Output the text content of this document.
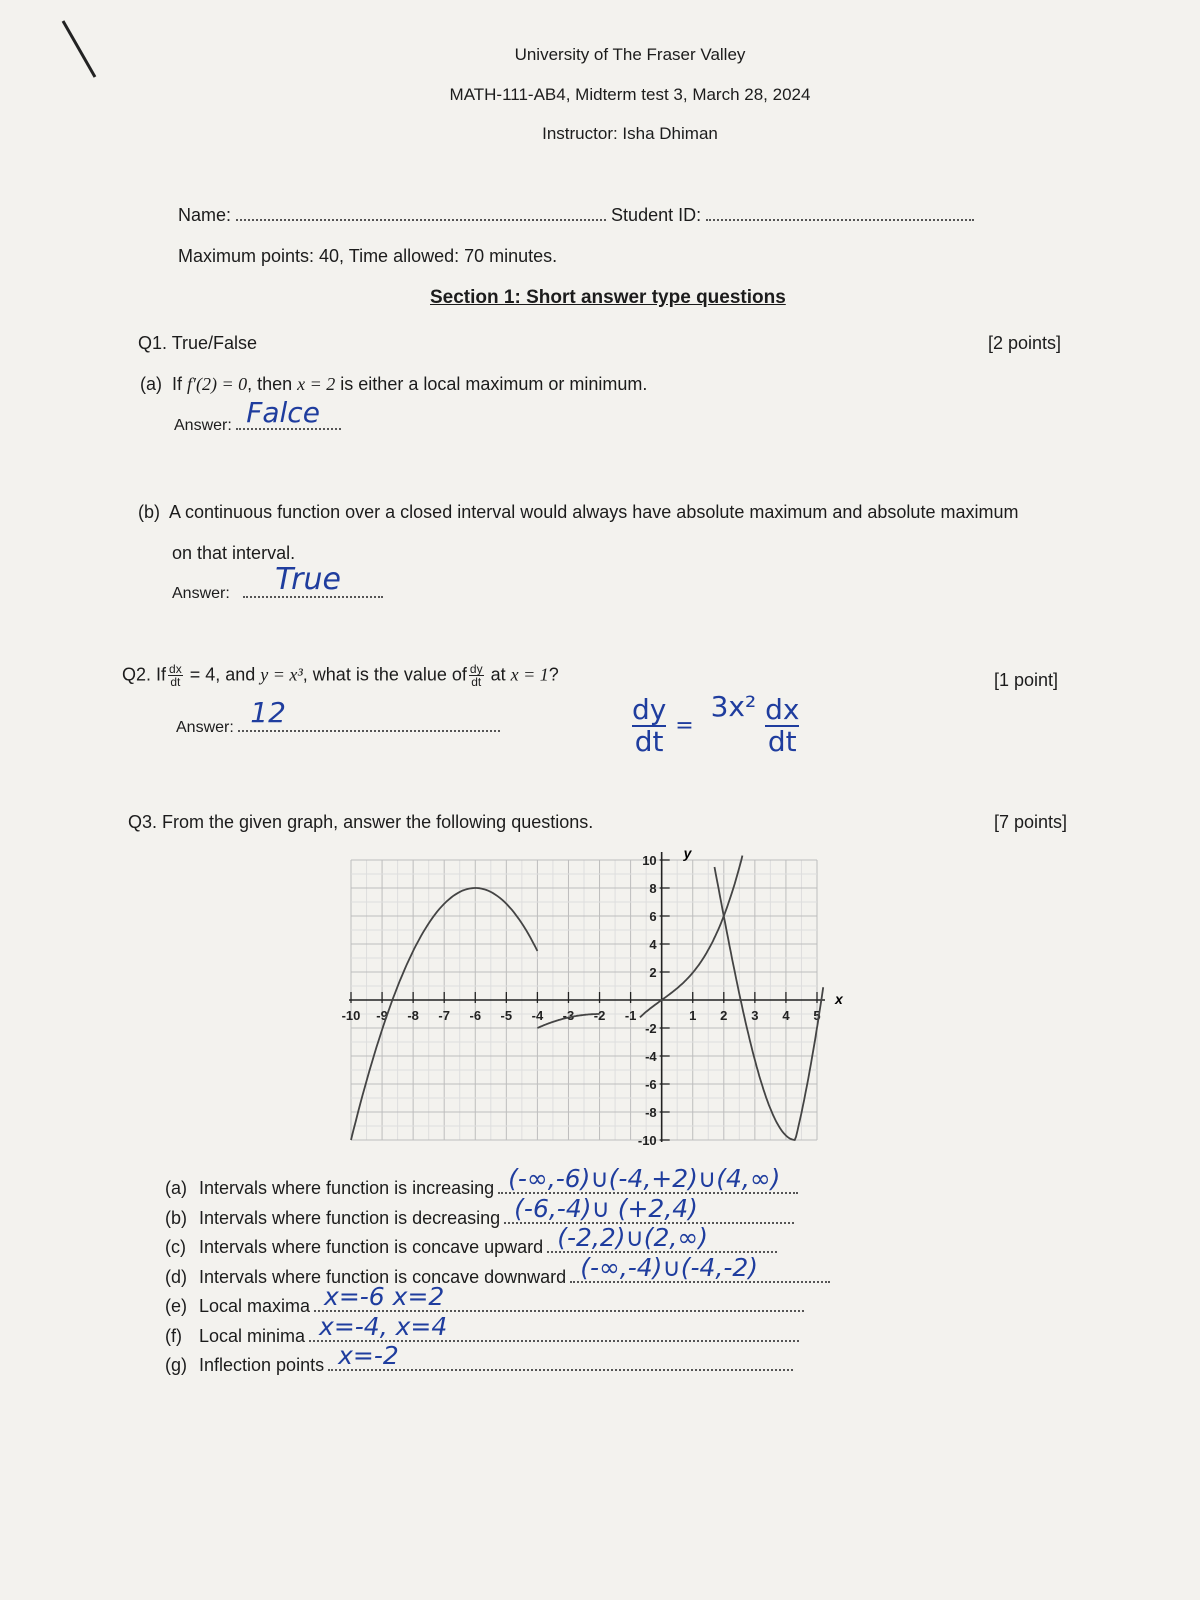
University of The Fraser Valley
MATH-111-AB4, Midterm test 3, March 28, 2024
Instructor: Isha Dhiman
Name:	Student ID:
Maximum points: 40, Time allowed: 70 minutes.
Section 1: Short answer type questions
Q1. True/False	[2 points]
(a) If f′(2) = 0, then x = 2 is either a local maximum or minimum.
Answer: Falce
(b) A continuous function over a closed interval would always have absolute maximum and absolute maximum
on that interval.
Answer: True
Q2. If $\frac{dx}{dt} = 4$, and y = x³, what is the value of $\frac{dy}{dt}$ at x = 1?	[1 point]
Answer: 12	$\frac{dy}{dt} = 3x^2 \frac{dx}{dt}$
Q3. From the given graph, answer the following questions.	[7 points]
-10 -9 -8 -7 -6 -5 -4 -3 -2 -1	1 2 3 4 5
10
8
6
4
2
-2
-4
-6
-8
-10
x
y
(a) Intervals where function is increasing (-∞,-6)∪(-4,+2)∪(4,∞)
(b) Intervals where function is decreasing (-6,-4)∪ (+2,4)
(c) Intervals where function is concave upward (-2,2)∪(2,∞)
(d) Intervals where function is concave downward (-∞,-4)∪(-4,-2)
(e) Local maxima x=-6 x=2
(f) Local minima x=-4, x=4
(g) Inflection points x=-2
